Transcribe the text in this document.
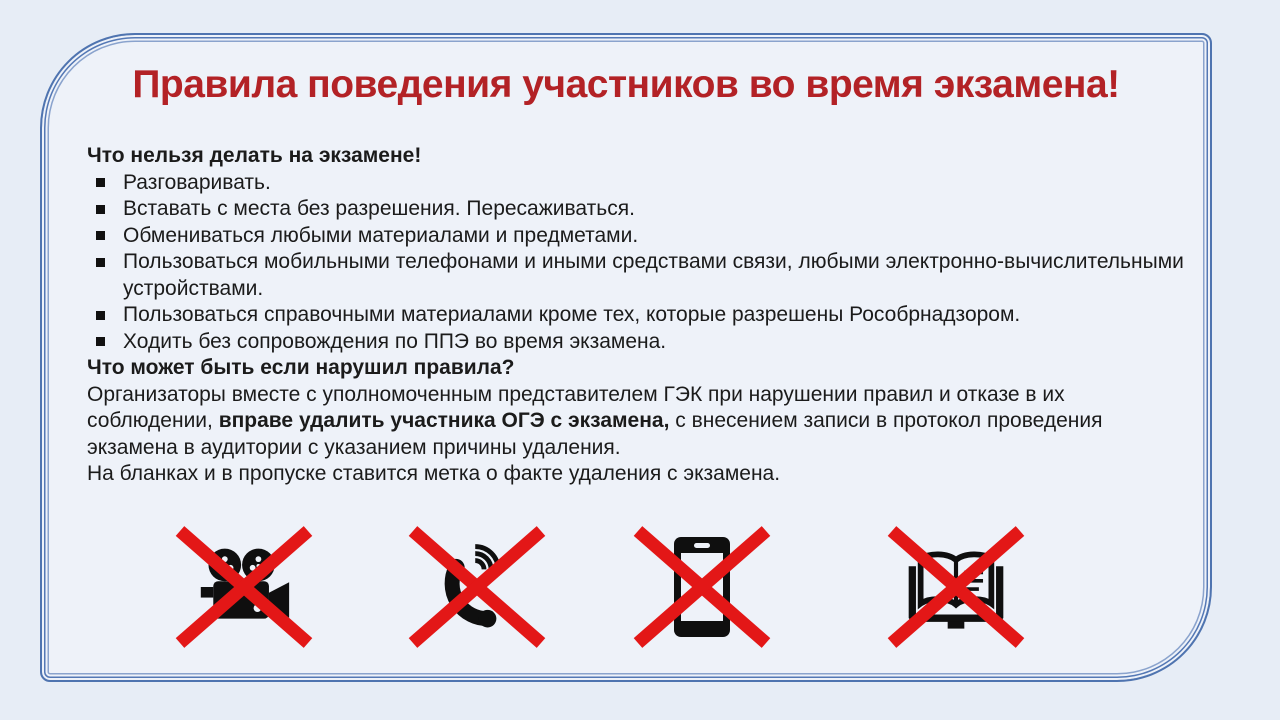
Правила поведения участников во время экзамена!

Что нельзя делать на экзамене!

Разговаривать.
Вставать с места без разрешения. Пересаживаться.
Обмениваться любыми материалами и предметами.
Пользоваться мобильными телефонами и иными средствами связи, любыми электронно-вычислительными устройствами.
Пользоваться справочными материалами кроме тех, которые разрешены Рособрнадзором.
Ходить без сопровождения по ППЭ во время экзамена.

Что может быть если нарушил правила?

Организаторы вместе с уполномоченным представителем ГЭК при нарушении правил и отказе в их соблюдении, вправе удалить участника ОГЭ с экзамена, с внесением записи в протокол проведения экзамена в аудитории с указанием причины удаления.

На бланках и в пропуске ставится метка о факте удаления с экзамена.
